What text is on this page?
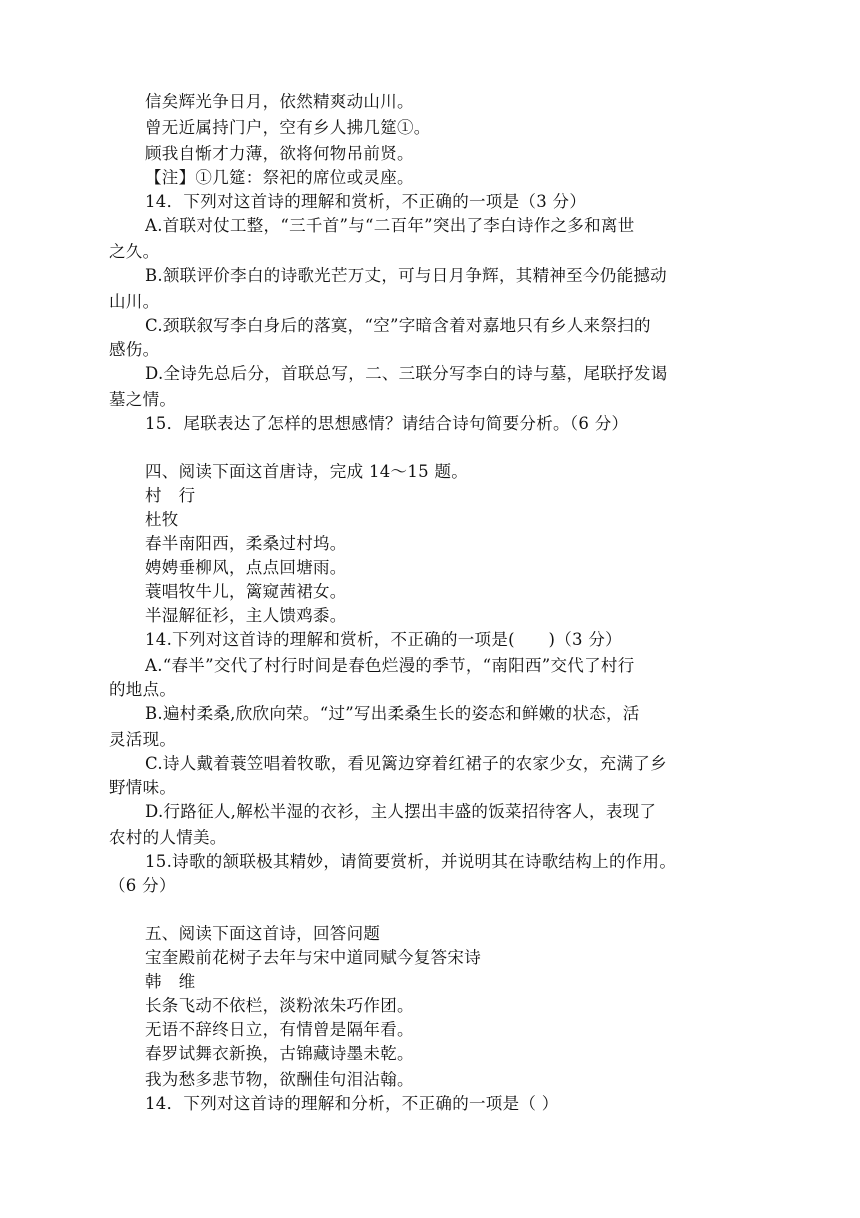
信矣辉光争日月，依然精爽动山川。
曾无近属持门户，空有乡人拂几筵①。
顾我自惭才力薄，欲将何物吊前贤。
【注】①几筵：祭祀的席位或灵座。
14．下列对这首诗的理解和赏析，不正确的一项是（3 分）
A.首联对仗工整，“三千首”与“二百年”突出了李白诗作之多和离世
之久。
B.颔联评价李白的诗歌光芒万丈，可与日月争辉，其精神至今仍能撼动
山川。
C.颈联叙写李白身后的落寞，“空”字暗含着对嘉地只有乡人来祭扫的
感伤。
D.全诗先总后分，首联总写，二、三联分写李白的诗与墓，尾联抒发谒
墓之情。
15．尾联表达了怎样的思想感情？请结合诗句简要分析。（6 分）
四、阅读下面这首唐诗，完成 14～15 题。
村　行
杜牧
春半南阳西，柔桑过村坞。
娉娉垂柳风，点点回塘雨。
蓑唱牧牛儿，篱窥茜裙女。
半湿解征衫，主人馈鸡黍。
14.下列对这首诗的理解和赏析，不正确的一项是(　　)（3 分）
A.“春半”交代了村行时间是春色烂漫的季节，“南阳西”交代了村行
的地点。
B.遍村柔桑,欣欣向荣。“过”写出柔桑生长的姿态和鲜嫩的状态，活
灵活现。
C.诗人戴着蓑笠唱着牧歌，看见篱边穿着红裙子的农家少女，充满了乡
野情味。
D.行路征人,解松半湿的衣衫，主人摆出丰盛的饭菜招待客人，表现了
农村的人情美。
15.诗歌的颔联极其精妙，请简要赏析，并说明其在诗歌结构上的作用。
（6 分）
五、阅读下面这首诗，回答问题
宝奎殿前花树子去年与宋中道同赋今复答宋诗
韩　维
长条飞动不依栏，淡粉浓朱巧作团。
无语不辞终日立，有情曾是隔年看。
春罗试舞衣新换，古锦藏诗墨未乾。
我为愁多悲节物，欲酬佳句泪沾翰。
14．下列对这首诗的理解和分析，不正确的一项是（ ）
